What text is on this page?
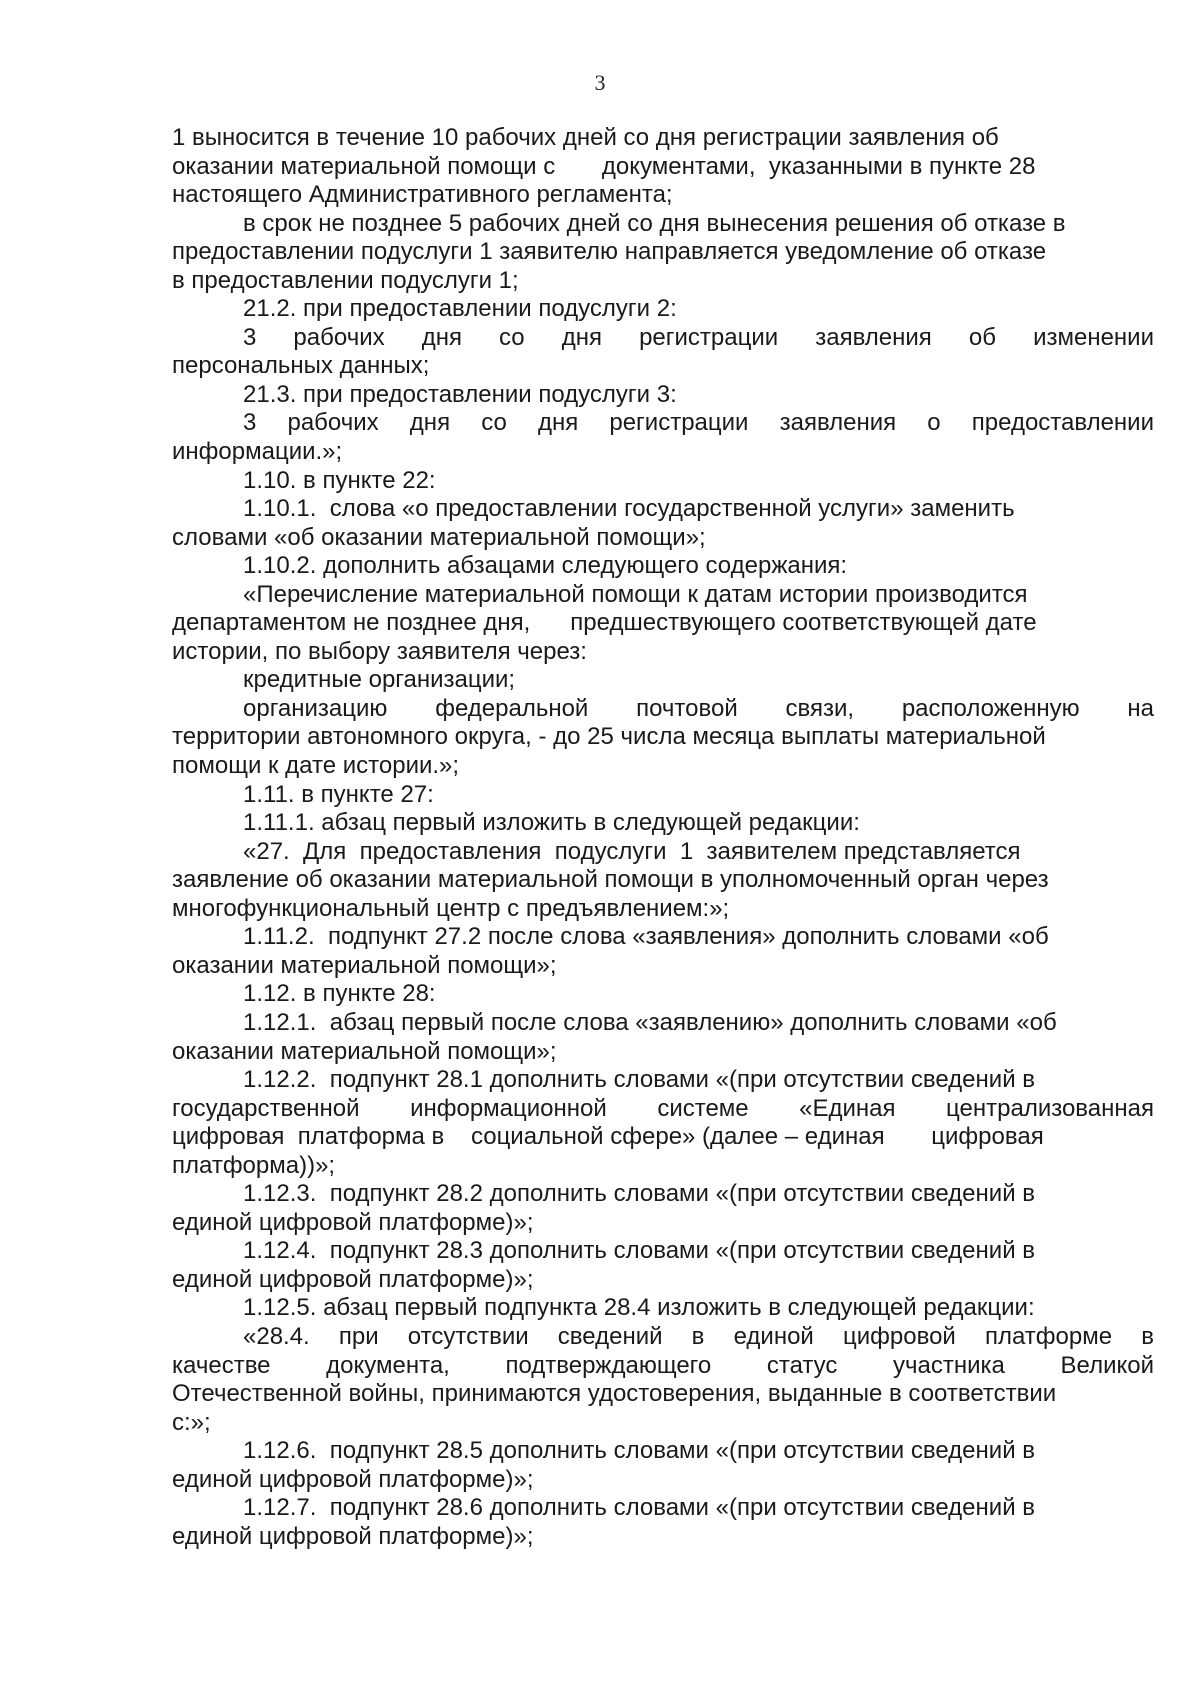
3
1 выносится в течение 10 рабочих дней со дня регистрации заявления об
оказании материальной помощи с       документами,  указанными в пункте 28
настоящего Административного регламента;
в срок не позднее 5 рабочих дней со дня вынесения решения об отказе в
предоставлении подуслуги 1 заявителю направляется уведомление об отказе
в предоставлении подуслуги 1;
21.2. при предоставлении подуслуги 2:
3 рабочих дня со дня регистрации заявления об изменении
персональных данных;
21.3. при предоставлении подуслуги 3:
3 рабочих дня со дня регистрации заявления о предоставлении
информации.»;
1.10. в пункте 22:
1.10.1.  слова «о предоставлении государственной услуги» заменить
словами «об оказании материальной помощи»;
1.10.2. дополнить абзацами следующего содержания:
«Перечисление материальной помощи к датам истории производится
департаментом не позднее дня,      предшествующего соответствующей дате
истории, по выбору заявителя через:
кредитные организации;
организацию федеральной почтовой связи, расположенную на
территории автономного округа, - до 25 числа месяца выплаты материальной
помощи к дате истории.»;
1.11. в пункте 27:
1.11.1. абзац первый изложить в следующей редакции:
«27.  Для  предоставления  подуслуги  1  заявителем представляется
заявление об оказании материальной помощи в уполномоченный орган через
многофункциональный центр с предъявлением:»;
1.11.2.  подпункт 27.2 после слова «заявления» дополнить словами «об
оказании материальной помощи»;
1.12. в пункте 28:
1.12.1.  абзац первый после слова «заявлению» дополнить словами «об
оказании материальной помощи»;
1.12.2.  подпункт 28.1 дополнить словами «(при отсутствии сведений в
государственной информационной системе «Единая централизованная
цифровая  платформа в    социальной сфере» (далее – единая       цифровая
платформа))»;
1.12.3.  подпункт 28.2 дополнить словами «(при отсутствии сведений в
единой цифровой платформе)»;
1.12.4.  подпункт 28.3 дополнить словами «(при отсутствии сведений в
единой цифровой платформе)»;
1.12.5. абзац первый подпункта 28.4 изложить в следующей редакции:
«28.4. при отсутствии сведений в единой цифровой платформе в
качестве документа, подтверждающего статус участника Великой
Отечественной войны, принимаются удостоверения, выданные в соответствии
с:»;
1.12.6.  подпункт 28.5 дополнить словами «(при отсутствии сведений в
единой цифровой платформе)»;
1.12.7.  подпункт 28.6 дополнить словами «(при отсутствии сведений в
единой цифровой платформе)»;
